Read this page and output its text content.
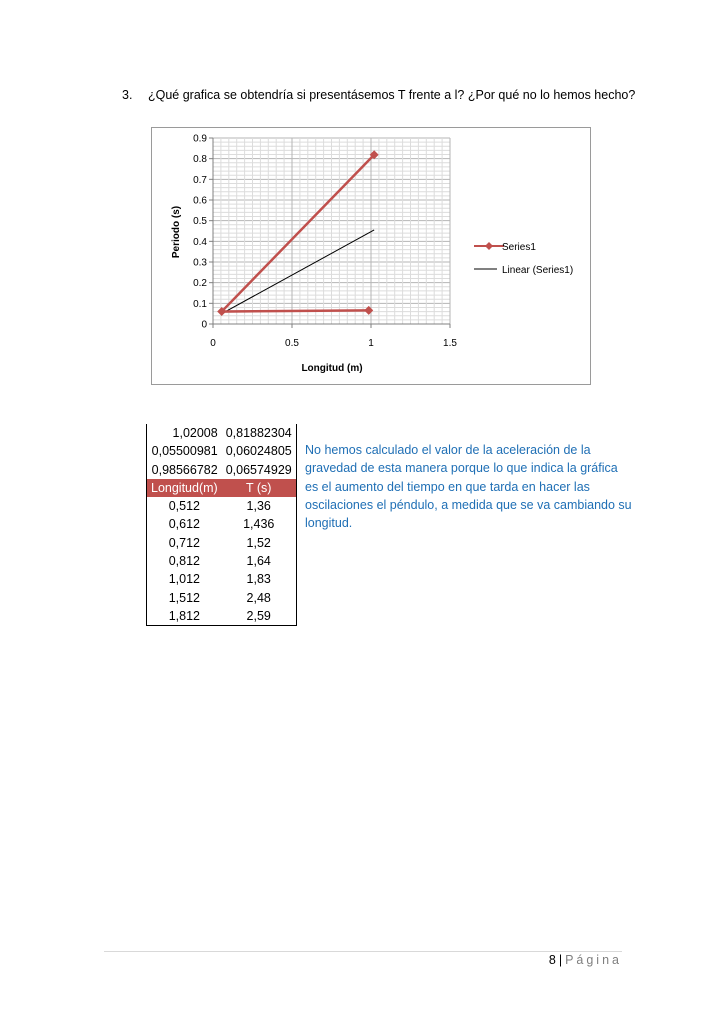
3. ¿Qué grafica se obtendría si presentásemos T frente a l? ¿Por qué no lo hemos hecho?
0
0.1
0.2
0.3
0.4
0.5
0.6
0.7
0.8
0.9
0	0.5	1	1.5
Periodo (s)
Longitud (m)
Series1
Linear (Series1)
1,02008	0,81882304
0,05500981	0,06024805
0,98566782	0,06574929
Longitud(m)	T (s)
0,512	1,36
0,612	1,436
0,712	1,52
0,812	1,64
1,012	1,83
1,512	2,48
1,812	2,59
No hemos calculado el valor de la aceleración de la
gravedad de esta manera porque lo que indica la gráfica
es el aumento del tiempo en que tarda en hacer las
oscilaciones el péndulo, a medida que se va cambiando su
longitud.
8 | Página
